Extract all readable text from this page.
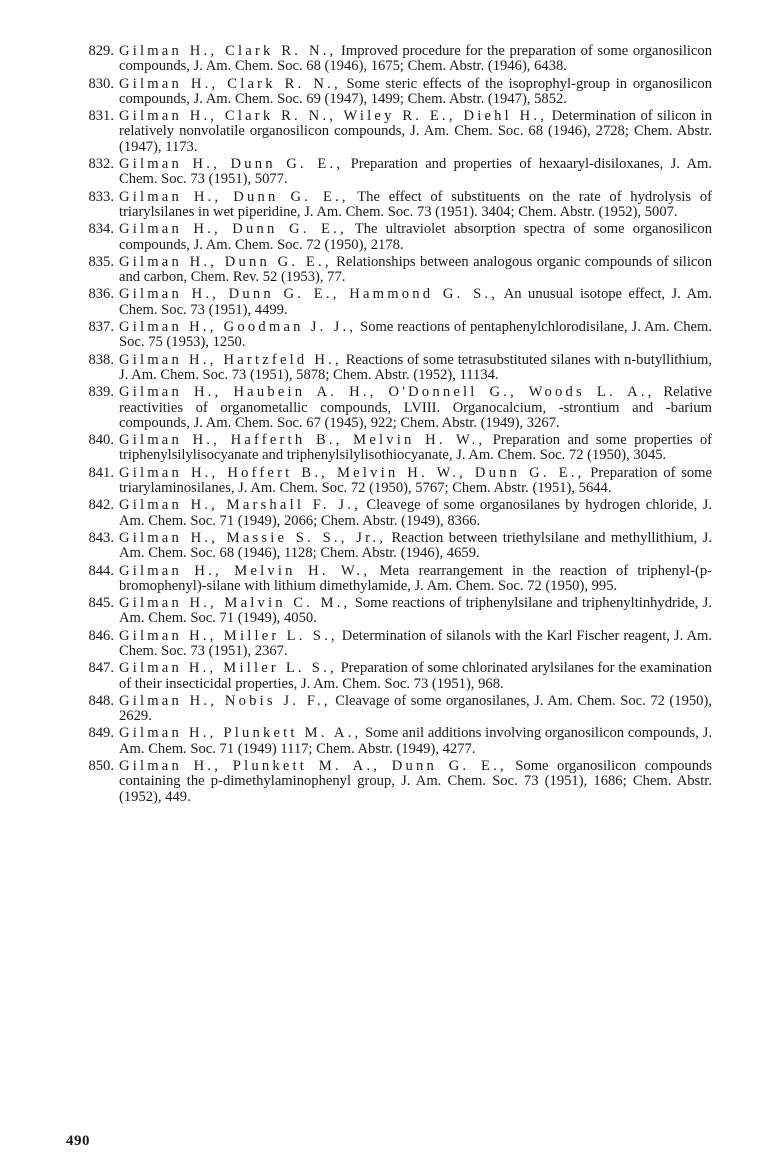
829 . Gilman H., Clark R. N., Improved procedure for the preparation of some organosilicon compounds, J. Am. Chem. Soc. 68 (1946), 1675; Chem. Abstr. (1946), 6438.
830 . Gilman H., Clark R. N., Some steric effects of the isoprophyl-group in organosilicon compounds, J. Am. Chem. Soc. 69 (1947), 1499; Chem. Abstr. (1947), 5852.
831 . Gilman H., Clark R. N., Wiley R. E., Diehl H., Determination of silicon in relatively nonvolatile organosilicon compounds, J. Am. Chem. Soc. 68 (1946), 2728; Chem. Abstr. (1947), 1173.
832 . Gilman H., Dunn G. E., Preparation and properties of hexaaryl-disiloxanes, J. Am. Chem. Soc. 73 (1951), 5077.
833 . Gilman H., Dunn G. E., The effect of substituents on the rate of hydrolysis of triarylsilanes in wet piperidine, J. Am. Chem. Soc. 73 (1951). 3404; Chem. Abstr. (1952), 5007.
834 . Gilman H., Dunn G. E., The ultraviolet absorption spectra of some organosilicon compounds, J. Am. Chem. Soc. 72 (1950), 2178.
835 . Gilman H., Dunn G. E., Relationships between analogous organic compounds of silicon and carbon, Chem. Rev. 52 (1953), 77.
836 . Gilman H., Dunn G. E., Hammond G. S., An unusual isotope effect, J. Am. Chem. Soc. 73 (1951), 4499.
837 . Gilman H., Goodman J. J., Some reactions of pentaphenylchlorodisilane, J. Am. Chem. Soc. 75 (1953), 1250.
838 . Gilman H., Hartzfeld H., Reactions of some tetrasubstituted silanes with n-butyllithium, J. Am. Chem. Soc. 73 (1951), 5878; Chem. Abstr. (1952), 11134.
839 . Gilman H., Haubein A. H., O'Donnell G., Woods L. A., Relative reactivities of organometallic compounds, LVIII. Organocalcium, -strontium and -barium compounds, J. Am. Chem. Soc. 67 (1945), 922; Chem. Abstr. (1949), 3267.
840 . Gilman H., Hafferth B., Melvin H. W., Preparation and some properties of triphenylsilylisocyanate and triphenylsilylisothiocyanate, J. Am. Chem. Soc. 72 (1950), 3045.
841 . Gilman H., Hoffert B., Melvin H. W., Dunn G. E., Preparation of some triarylaminosilanes, J. Am. Chem. Soc. 72 (1950), 5767; Chem. Abstr. (1951), 5644.
842 . Gilman H., Marshall F. J., Cleavege of some organosilanes by hydrogen chloride, J. Am. Chem. Soc. 71 (1949), 2066; Chem. Abstr. (1949), 8366.
843 . Gilman H., Massie S. S., Jr., Reaction between triethylsilane and methyllithium, J. Am. Chem. Soc. 68 (1946), 1128; Chem. Abstr. (1946), 4659.
844 . Gilman H., Melvin H. W., Meta rearrangement in the reaction of triphenyl-(p-bromophenyl)-silane with lithium dimethylamide, J. Am. Chem. Soc. 72 (1950), 995.
845 . Gilman H., Malvin C. M., Some reactions of triphenylsilane and triphenyltinhydride, J. Am. Chem. Soc. 71 (1949), 4050.
846 . Gilman H., Miller L. S., Determination of silanols with the Karl Fischer reagent, J. Am. Chem. Soc. 73 (1951), 2367.
847 . Gilman H., Miller L. S., Preparation of some chlorinated arylsilanes for the examination of their insecticidal properties, J. Am. Chem. Soc. 73 (1951), 968.
848 . Gilman H., Nobis J. F., Cleavage of some organosilanes, J. Am. Chem. Soc. 72 (1950), 2629.
849 . Gilman H., Plunkett M. A., Some anil additions involving organosilicon compounds, J. Am. Chem. Soc. 71 (1949) 1117; Chem. Abstr. (1949), 4277.
850 . Gilman H., Plunkett M. A., Dunn G. E., Some organosilicon compounds containing the p-dimethylaminophenyl group, J. Am. Chem. Soc. 73 (1951), 1686; Chem. Abstr. (1952), 449.
490
